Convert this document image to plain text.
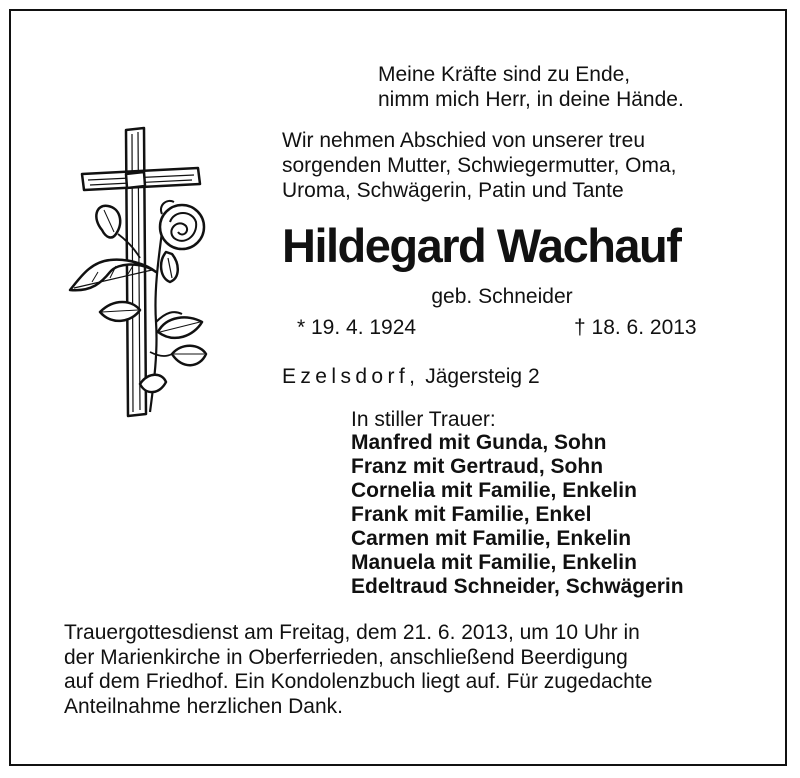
Meine Kräfte sind zu Ende,
nimm mich Herr, in deine Hände.
Wir nehmen Abschied von unserer treu
sorgenden Mutter, Schwiegermutter, Oma,
Uroma, Schwägerin, Patin und Tante
Hildegard Wachauf
geb. Schneider
* 19. 4. 1924	† 18. 6. 2013
Ezelsdorf, Jägersteig 2
In stiller Trauer:
Manfred mit Gunda, Sohn
Franz mit Gertraud, Sohn
Cornelia mit Familie, Enkelin
Frank mit Familie, Enkel
Carmen mit Familie, Enkelin
Manuela mit Familie, Enkelin
Edeltraud Schneider, Schwägerin
Trauergottesdienst am Freitag, dem 21. 6. 2013, um 10 Uhr in
der Marienkirche in Oberferrieden, anschließend Beerdigung
auf dem Friedhof. Ein Kondolenzbuch liegt auf. Für zugedachte
Anteilnahme herzlichen Dank.
